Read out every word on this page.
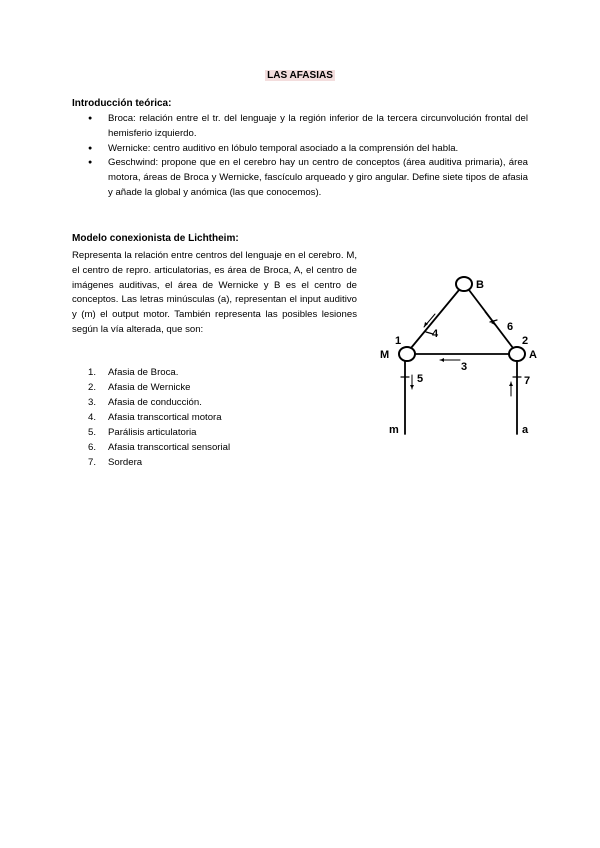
LAS AFASIAS
Introducción teórica:
● Broca: relación entre el tr. del lenguaje y la región inferior de la tercera circunvolución frontal del hemisferio izquierdo.
● Wernicke: centro auditivo en lóbulo temporal asociado a la comprensión del habla.
● Geschwind: propone que en el cerebro hay un centro de conceptos (área auditiva primaria), área motora, áreas de Broca y Wernicke, fascículo arqueado y giro angular. Define siete tipos de afasia y añade la global y anómica (las que conocemos).
Modelo conexionista de Lichtheim:

Representa la relación entre centros del lenguaje en el cerebro. M, el centro de repro. articulatorias, es área de Broca, A, el centro de imágenes auditivas, el área de Wernicke y B es el centro de conceptos. Las letras minúsculas (a), representan el input auditivo y (m) el output motor. También representa las posibles lesiones según la vía alterada, que son:

1. Afasia de Broca.
2. Afasia de Wernicke
3. Afasia de conducción.
4. Afasia transcortical motora
5. Parálisis articulatoria
6. Afasia transcortical sensorial
7. Sordera
B
M	A
1	2
3
4
5
6
7
m	a
